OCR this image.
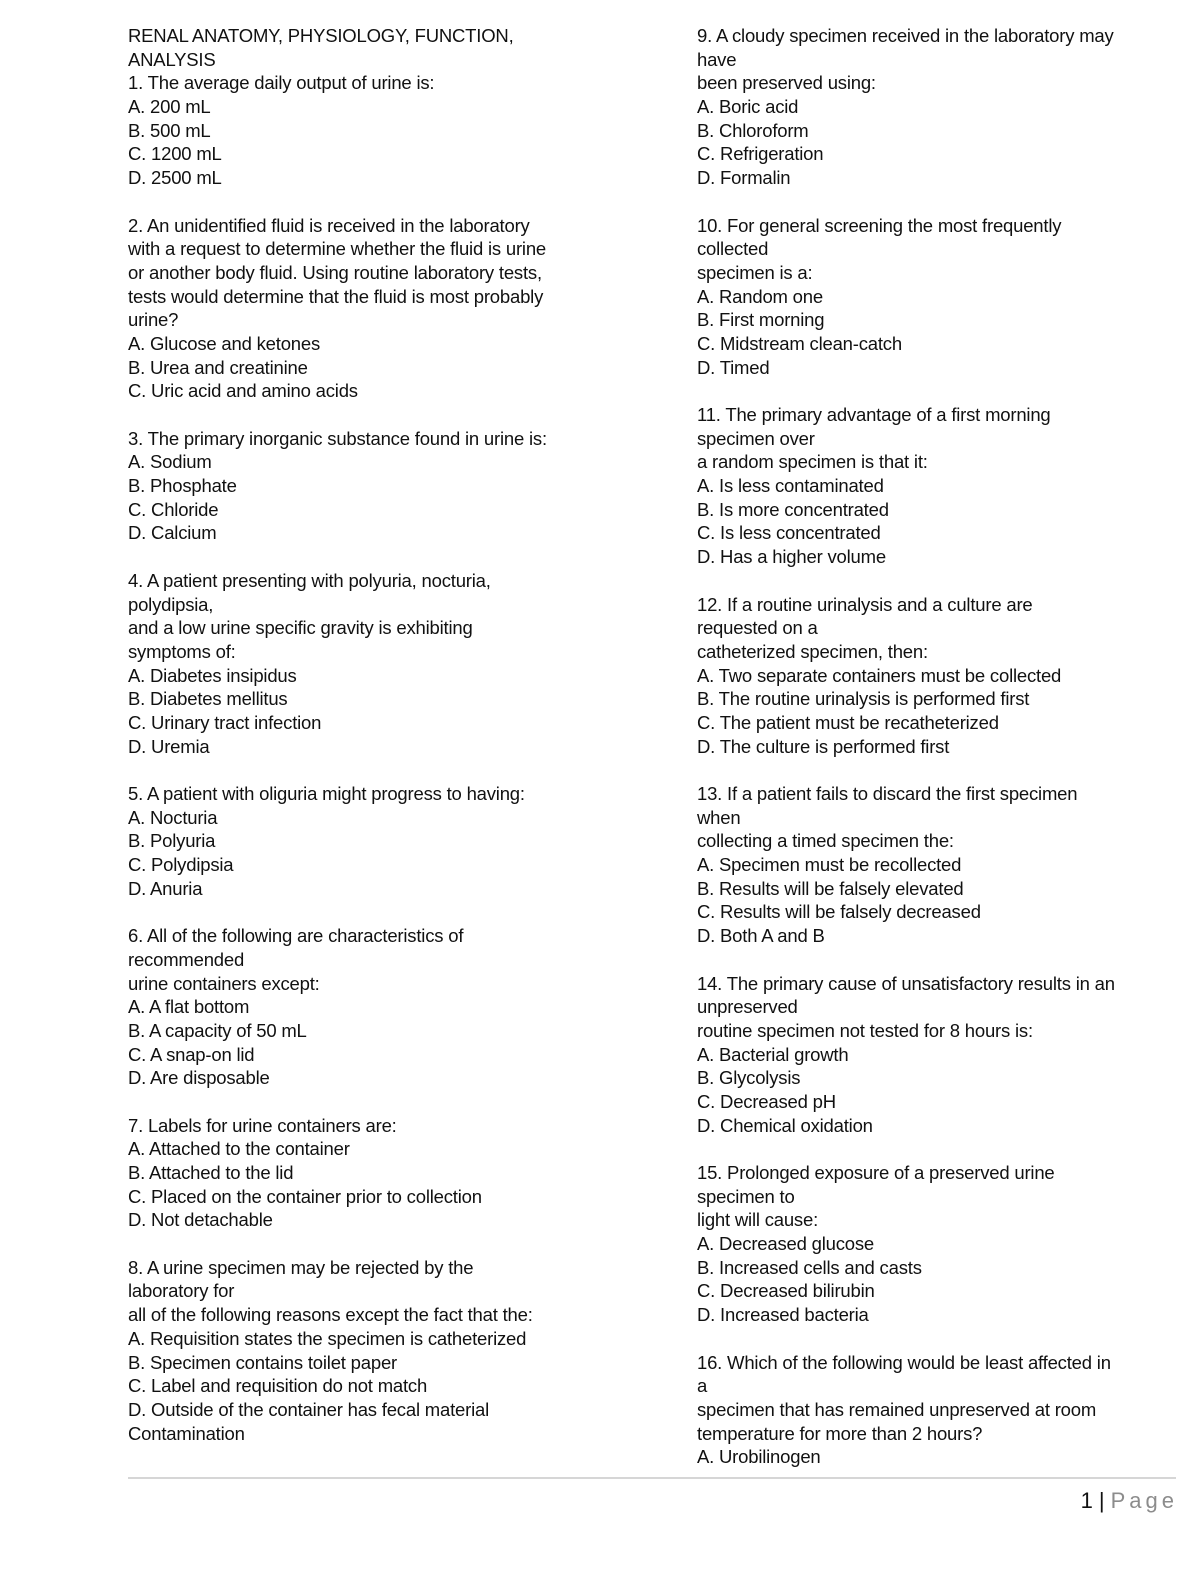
RENAL ANATOMY, PHYSIOLOGY, FUNCTION,
ANALYSIS
1. The average daily output of urine is:
A. 200 mL
B. 500 mL
C. 1200 mL
D. 2500 mL
2. An unidentified fluid is received in the laboratory
with a request to determine whether the fluid is urine
or another body fluid. Using routine laboratory tests,
tests would determine that the fluid is most probably
urine?
A. Glucose and ketones
B. Urea and creatinine
C. Uric acid and amino acids
3. The primary inorganic substance found in urine is:
A. Sodium
B. Phosphate
C. Chloride
D. Calcium
4. A patient presenting with polyuria, nocturia,
polydipsia,
and a low urine specific gravity is exhibiting
symptoms of:
A. Diabetes insipidus
B. Diabetes mellitus
C. Urinary tract infection
D. Uremia
5. A patient with oliguria might progress to having:
A. Nocturia
B. Polyuria
C. Polydipsia
D. Anuria
6. All of the following are characteristics of
recommended
urine containers except:
A. A flat bottom
B. A capacity of 50 mL
C. A snap-on lid
D. Are disposable
7. Labels for urine containers are:
A. Attached to the container
B. Attached to the lid
C. Placed on the container prior to collection
D. Not detachable
8. A urine specimen may be rejected by the
laboratory for
all of the following reasons except the fact that the:
A. Requisition states the specimen is catheterized
B. Specimen contains toilet paper
C. Label and requisition do not match
D. Outside of the container has fecal material
Contamination
9. A cloudy specimen received in the laboratory may
have
been preserved using:
A. Boric acid
B. Chloroform
C. Refrigeration
D. Formalin
10. For general screening the most frequently
collected
specimen is a:
A. Random one
B. First morning
C. Midstream clean-catch
D. Timed
11. The primary advantage of a first morning
specimen over
a random specimen is that it:
A. Is less contaminated
B. Is more concentrated
C. Is less concentrated
D. Has a higher volume
12. If a routine urinalysis and a culture are
requested on a
catheterized specimen, then:
A. Two separate containers must be collected
B. The routine urinalysis is performed first
C. The patient must be recatheterized
D. The culture is performed first
13. If a patient fails to discard the first specimen
when
collecting a timed specimen the:
A. Specimen must be recollected
B. Results will be falsely elevated
C. Results will be falsely decreased
D. Both A and B
14. The primary cause of unsatisfactory results in an
unpreserved
routine specimen not tested for 8 hours is:
A. Bacterial growth
B. Glycolysis
C. Decreased pH
D. Chemical oxidation
15. Prolonged exposure of a preserved urine
specimen to
light will cause:
A. Decreased glucose
B. Increased cells and casts
C. Decreased bilirubin
D. Increased bacteria
16. Which of the following would be least affected in
a
specimen that has remained unpreserved at room
temperature for more than 2 hours?
A. Urobilinogen
1 | Page
